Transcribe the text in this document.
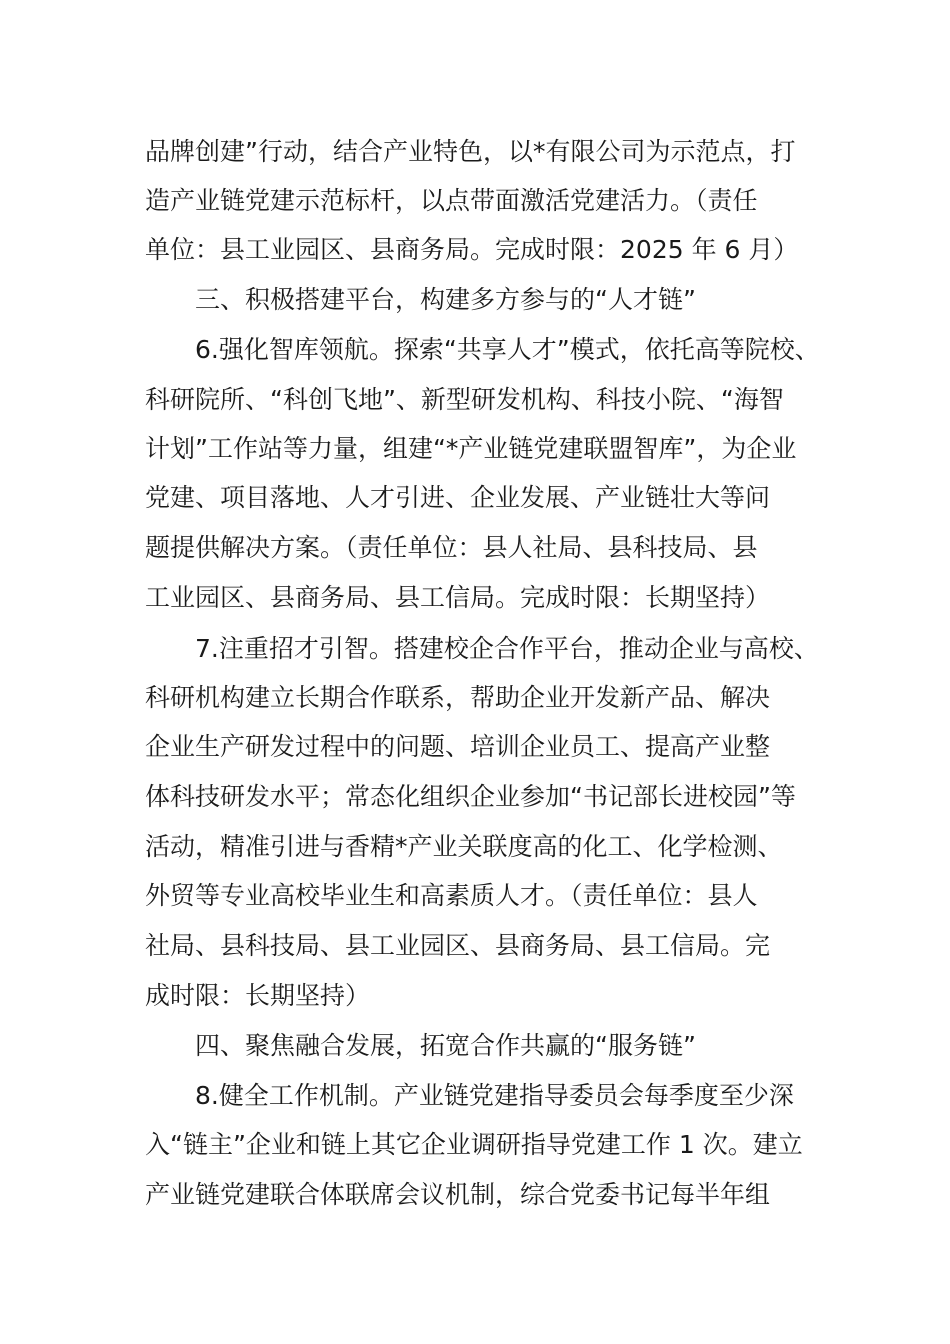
品牌创建”行动，结合产业特色，以*有限公司为示范点，打

造产业链党建示范标杆，以点带面激活党建活力。（责任

单位：县工业园区、县商务局。完成时限：2025 年 6 月）

三、积极搭建平台，构建多方参与的“人才链”

6.强化智库领航。探索“共享人才”模式，依托高等院校、

科研院所、“科创飞地”、新型研发机构、科技小院、“海智

计划”工作站等力量，组建“*产业链党建联盟智库”，为企业

党建、项目落地、人才引进、企业发展、产业链壮大等问

题提供解决方案。（责任单位：县人社局、县科技局、县

工业园区、县商务局、县工信局。完成时限：长期坚持）

7.注重招才引智。搭建校企合作平台，推动企业与高校、

科研机构建立长期合作联系，帮助企业开发新产品、解决

企业生产研发过程中的问题、培训企业员工、提高产业整

体科技研发水平；常态化组织企业参加“书记部长进校园”等

活动，精准引进与香精*产业关联度高的化工、化学检测、

外贸等专业高校毕业生和高素质人才。（责任单位：县人

社局、县科技局、县工业园区、县商务局、县工信局。完

成时限：长期坚持）

四、聚焦融合发展，拓宽合作共赢的“服务链”

8.健全工作机制。产业链党建指导委员会每季度至少深

入“链主”企业和链上其它企业调研指导党建工作 1 次。建立

产业链党建联合体联席会议机制，综合党委书记每半年组
